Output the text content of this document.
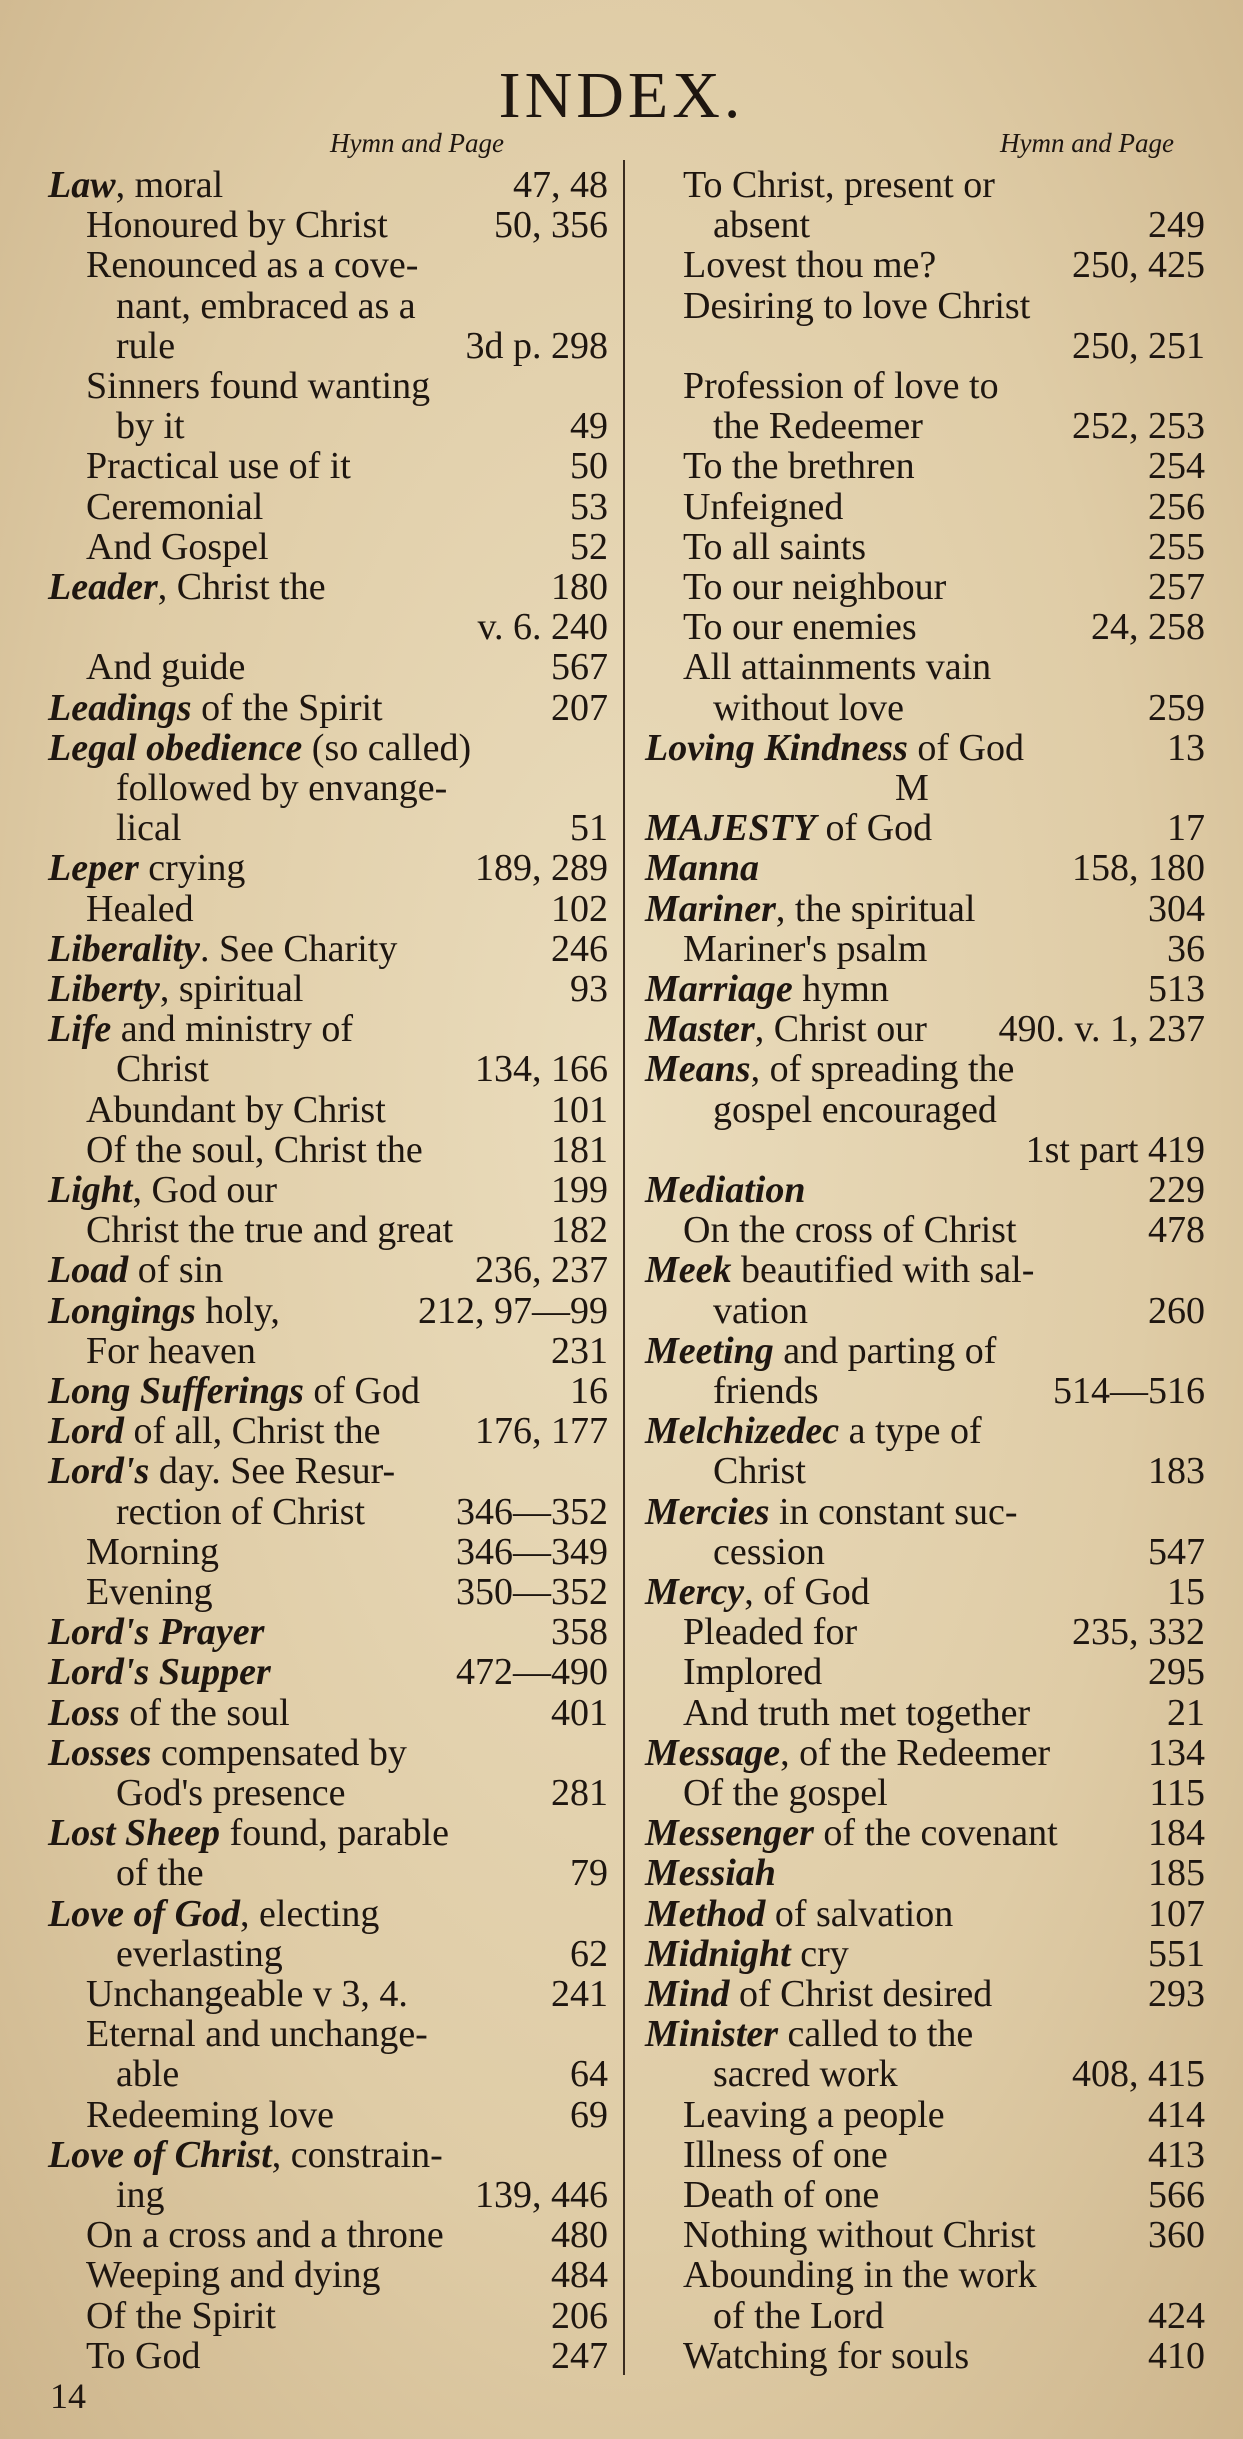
INDEX.
Hymn and Page	Hymn and Page
Law, moral	47, 48
Honoured by Christ	50, 356
Renounced as a cove-
nant, embraced as a
rule	3d p. 298
Sinners found wanting
by it	49
Practical use of it	50
Ceremonial	53
And Gospel	52
Leader, Christ the	180
v. 6. 240
And guide	567
Leadings of the Spirit	207
Legal obedience (so called)
followed by envange-
lical	51
Leper crying	189, 289
Healed	102
Liberality. See Charity	246
Liberty, spiritual	93
Life and ministry of
Christ	134, 166
Abundant by Christ	101
Of the soul, Christ the	181
Light, God our	199
Christ the true and great	182
Load of sin	236, 237
Longings holy,	212, 97—99
For heaven	231
Long Sufferings of God	16
Lord of all, Christ the 176, 177
Lord's day. See Resur-
rection of Christ 346—352
Morning	346—349
Evening	350—352
Lord's Prayer	358
Lord's Supper	472—490
Loss of the soul	401
Losses compensated by
God's presence	281
Lost Sheep found, parable
of the	79
Love of God, electing
everlasting	62
Unchangeable v 3, 4.	241
Eternal and unchange-
able	64
Redeeming love	69
Love of Christ, constrain-
ing	139, 446
On a cross and a throne	480
Weeping and dying	484
Of the Spirit	206
To God	247
To Christ, present or
absent	249
Lovest thou me?	250, 425
Desiring to love Christ
250, 251
Profession of love to
the Redeemer	252, 253
To the brethren	254
Unfeigned	256
To all saints	255
To our neighbour	257
To our enemies	24, 258
All attainments vain
without love	259
Loving Kindness of God	13
M
MAJESTY of God	17
Manna	158, 180
Mariner, the spiritual	304
Mariner's psalm	36
Marriage hymn	513
Master, Christ our 490. v. 1, 237
Means, of spreading the
gospel encouraged
1st part 419
Mediation	229
On the cross of Christ	478
Meek beautified with sal-
vation	260
Meeting and parting of
friends	514—516
Melchizedec a type of
Christ	183
Mercies in constant suc-
cession	547
Mercy, of God	15
Pleaded for	235, 332
Implored	295
And truth met together	21
Message, of the Redeemer	134
Of the gospel	115
Messenger of the covenant 184
Messiah	185
Method of salvation	107
Midnight cry	551
Mind of Christ desired	293
Minister called to the
sacred work	408, 415
Leaving a people	414
Illness of one	413
Death of one	566
Nothing without Christ	360
Abounding in the work
of the Lord	424
Watching for souls	410
14
